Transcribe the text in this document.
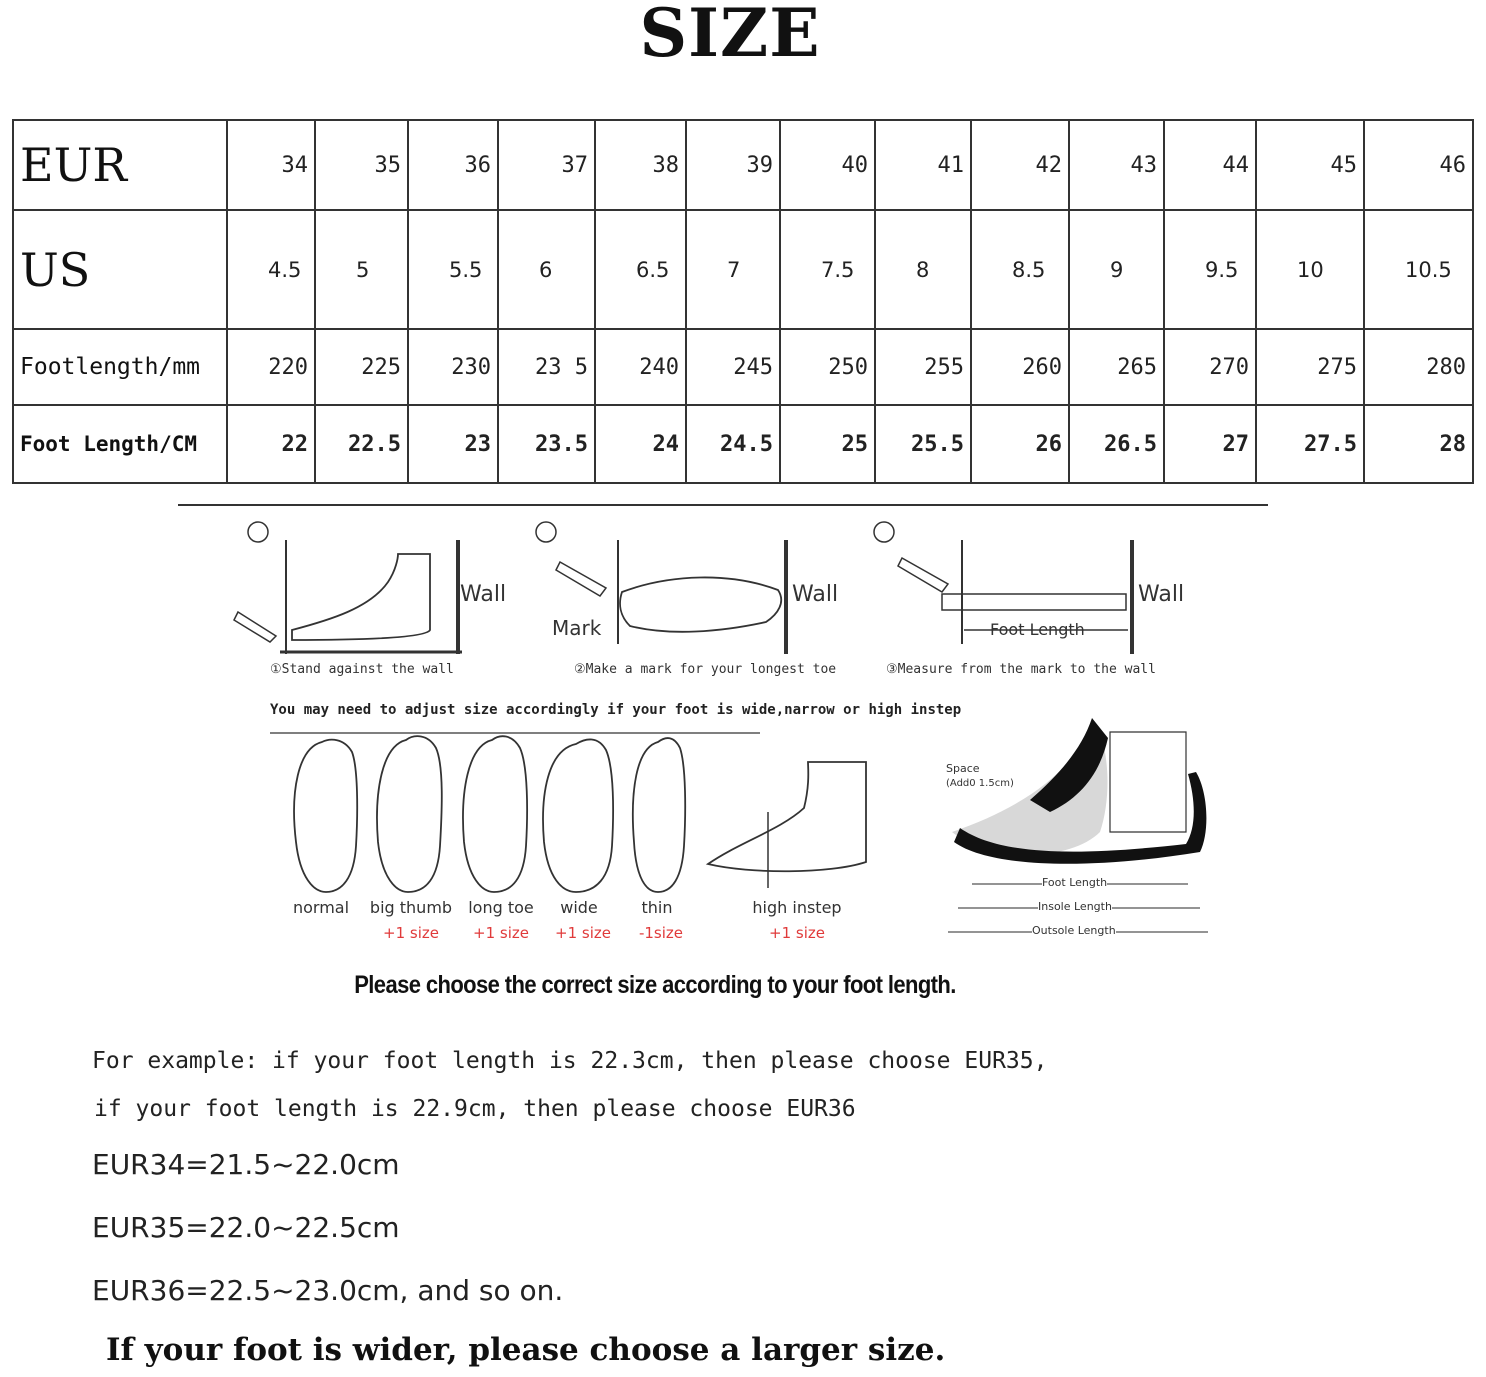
SIZE
EUR	34	35	36	37	38	39	40	41	42	43	44	45	46
US	4.5	5	5.5	6	6.5	7	7.5	8	8.5	9	9.5	10	10.5
Footlength/mm	220	225	230	23 5	240	245	250	255	260	265	270	275	280
Foot Length/CM	22	22.5	23	23.5	24	24.5	25	25.5	26	26.5	27	27.5	28
Wall	Wall	Wall
Mark	Foot Length
①Stand against the wall	②Make a mark for your longest toe	③Measure from the mark to the wall
You may need to adjust size accordingly if your foot is wide,narrow or high instep
normal	big thumb	long toe	wide	thin	high instep
+1 size	+1 size	+1 size	-1size	+1 size
Space
(Add0 1.5cm)
Foot Length
Insole Length
Outsole Length
Please choose the correct size according to your foot length.
For example: if your foot length is 22.3cm, then please choose EUR35,
if your foot length is 22.9cm, then please choose EUR36
EUR34=21.5~22.0cm
EUR35=22.0~22.5cm
EUR36=22.5~23.0cm, and so on.
If your foot is wider, please choose a larger size.
